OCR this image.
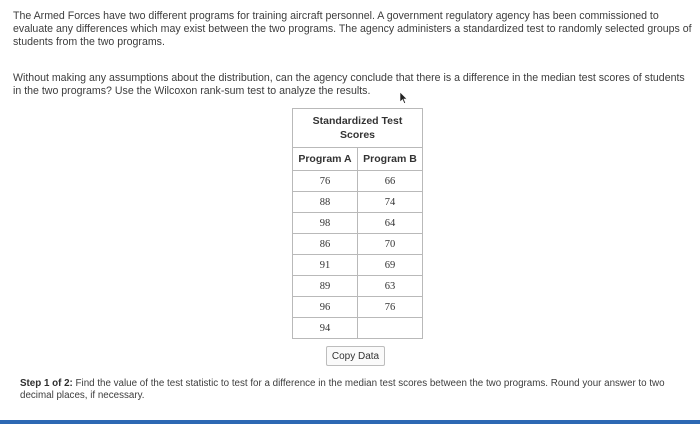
The Armed Forces have two different programs for training aircraft personnel. A government regulatory agency has been commissioned to evaluate any differences which may exist between the two programs. The agency administers a standardized test to randomly selected groups of students from the two programs.
Without making any assumptions about the distribution, can the agency conclude that there is a difference in the median test scores of students in the two programs? Use the Wilcoxon rank-sum test to analyze the results.
Standardized Test
Scores	
Program A	Program B
76	66
88	74
98	64
86	70
91	69
89	63
96	76
94	
Copy Data
Step 1 of 2: Find the value of the test statistic to test for a difference in the median test scores between the two programs. Round your answer to two decimal places, if necessary.
